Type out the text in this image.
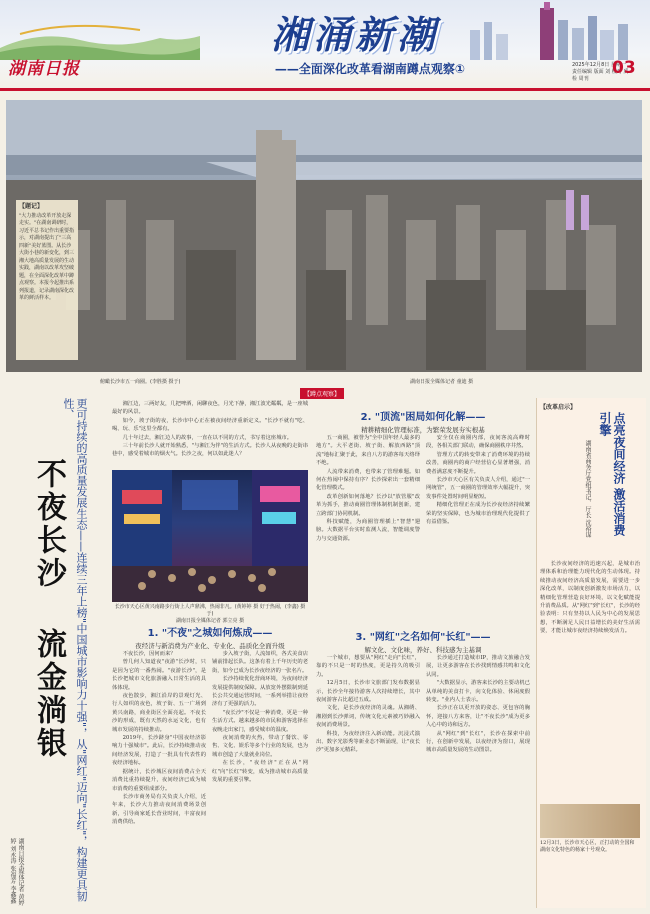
湖南日报
湘涌新潮
——全面深化改革看湖南蹲点观察①	2025年12月8日 星期一
责任编辑 版面 刘 校对 质检 周刊
03
【题记】
"大力推动改革开放走深走实。"在湖南调研时，习近平总书记作出重要指示，对湖南提出了"三高四新"美好蓝图。从长沙大街小巷的新变化，到三湘大地高质量发展的生动实践，湖南以改革攻坚破题，在全面深化改革中蹲点观察。本报今起推出系列报道，记录湖南深化改革的鲜活样本。
俯瞰长沙市五一商圈。(李胜摄 摄于)	湖南日报全媒体记者 童迪 摄
【蹲点观察】
更可持续的高质量发展生态——连续三年上榜"中国城市影响力十强"，从"网红"迈向"长红"，构建更具韧性、
不夜长沙
流金淌银
湖南日报全媒体记者 黄婷婷 刘永涛 张福芳 李鑫鑫

湘江边，三两好友，几把啤酒，闲聊夜色，月光下静，湘江波光粼粼，是一座城最好的风景。

如今，坡子街的夜，长沙市中心正在被夜间经济重新定义。"长沙不就有"吃、喝、玩、乐"这里全都有。

几十年过去，湘江边人的故事，一直在以不同的方式，书写着这座城市。

三十年前长沙人就开始熟悉，"与湘江为伴"的生活方式。长沙人从夜晚的走街串巷中，感受着城市的烟火气。长沙之夜，何以如此迷人？

长沙市天心区黄兴南路步行街上人声鼎沸，热闹非凡。(黄婷婷 摄 好于热闹，(李鑫) 摄于)
湖南日报全媒体记者 郭立亮 摄
1. "不夜"之城如何炼成——
夜经济与新消费为产业化、专业化、品质化全面升级

不夜长沙，因何而来？

曾几何人知道夜"夜游"长沙时，只是因为它的一番热闹。"夜游长沙"，是长沙把城市文化旅游融入日常生活的具体体现。

夜色散步，湘江沿岸的景观灯光、行人如织的夜色，坡子街、五一广场到黄兴南路，商业街区全面亮起。不夜长沙的形成，既有天然的水运文化，也有城市发展的持续推动。

2019年，长沙跻身"中国夜经济影响力十强城市"。此后，长沙持续推动夜间经济发展，打造了一批具有代表性的夜经济地标。

据统计，长沙城区夜间消费占全天消费比重持续提升，夜间经济已成为城市消费的重要组成部分。

长沙市商务局有关负责人介绍，近年来，长沙大力推动夜间消费场景创新，引导商家延长营业时间，丰富夜间消费供给。

步入坡子街，人流如织，各式美食店铺前排起长队。这条有着上千年历史的老街，如今已成为长沙夜经济的一张名片。

长沙持续优化营商环境，为夜间经济发展提供制度保障。从放宽外摆限制到延长公共交通运营时间，一系列举措让夜经济有了更强的活力。

"夜长沙"不仅是一种消费，更是一种生活方式。越来越多的市民和游客选择在夜晚走出家门，感受城市的温度。

夜间消费的火热，带动了餐饮、零售、文化、娱乐等多个行业的发展，也为城市创造了大量就业岗位。

在长沙，"夜经济"正在从"网红"向"长红"转变，成为推动城市高质量发展的重要引擎。

2. "顶流"困局如何化解——
精耕精细化管理标准，为繁荣发展夯实根基

五一商圈，被誉为"全中国年轻人最多的地方"。大平老街、坡子街、解放西路"顶流"地标汇聚于此，来自八方的游客每天络绎不绝。

人流带来消费，也带来了管理难题。如何在热闹中保持有序？长沙探索出一套精细化管理模式。

改革创新如何落地？长沙以"放管服"改革为抓手，推动商圈管理体制机制创新，建立跨部门协同机制。

科技赋能，为商圈管理插上"智慧"翅膀。大数据平台实时监测人流，智能调度警力与交通资源。

安全仅在商圈内部，夜间客流高峰时段，各相关部门联动，确保商圈秩序井然。

管理方式的转变带来了消费环境的持续改善，商圈内的商户经营信心显著增强，消费者满意度不断提升。

长沙市天心区有关负责人介绍，通过"一网统管"，五一商圈的管理效率大幅提升，突发事件处置时间明显缩短。

精细化管理正在成为长沙夜经济持续繁荣的坚实保障，也为城市治理现代化提供了有益借鉴。

3. "网红"之名如何"长红"——
解文化、文化味，养好、科技感为主基调

一个城市，想要从"网红"走向"长红"，靠的不只是一时的热度，更是持久的吸引力。

12月5日，长沙市文旅部门发布数据显示，长沙全年接待游客人次持续增长，其中夜间游客占比超过五成。

文化，是长沙夜经济的灵魂。从湘绣、湘剧到长沙弹词，传统文化元素被巧妙融入夜间消费场景。

科技，为夜经济注入新动能。沉浸式演出、数字光影秀等新业态不断涌现，让"夜长沙"更加多元精彩。

长沙通过打造城市IP，推动文旅融合发展，让更多游客在长沙找到情感共鸣和文化认同。

"大数据显示，游客来长沙的主要动机已从单纯的美食打卡，向文化体验、休闲度假转变。"业内人士表示。

长沙正在以更开放的姿态、更包容的胸怀，迎接八方来客，让"不夜长沙"成为更多人心中的诗和远方。

从"网红"到"长红"，长沙在探索中前行，在创新中发展，以夜经济为窗口，展现城市高质量发展的生动图景。

【改革启示】
点亮夜间经济 激活消费引擎
湖南省商务厅党组书记、厅长 沈裕谋

长沙夜间经济的迅速兴起，是城市治理体系和治理能力现代化的生动体现。持续推动夜间经济高质量发展，需要进一步深化改革，以制度创新激发市场活力，以精细化管理营造良好环境，以文化赋能提升消费品质。从"网红"到"长红"，长沙的经验表明：只有坚持以人民为中心的发展思想，不断满足人民日益增长的美好生活需要，才能让城市夜经济持续焕发活力。

12月3日，长沙市天心区，正打动的全国和湖南文化特色的杨家十号观众。
